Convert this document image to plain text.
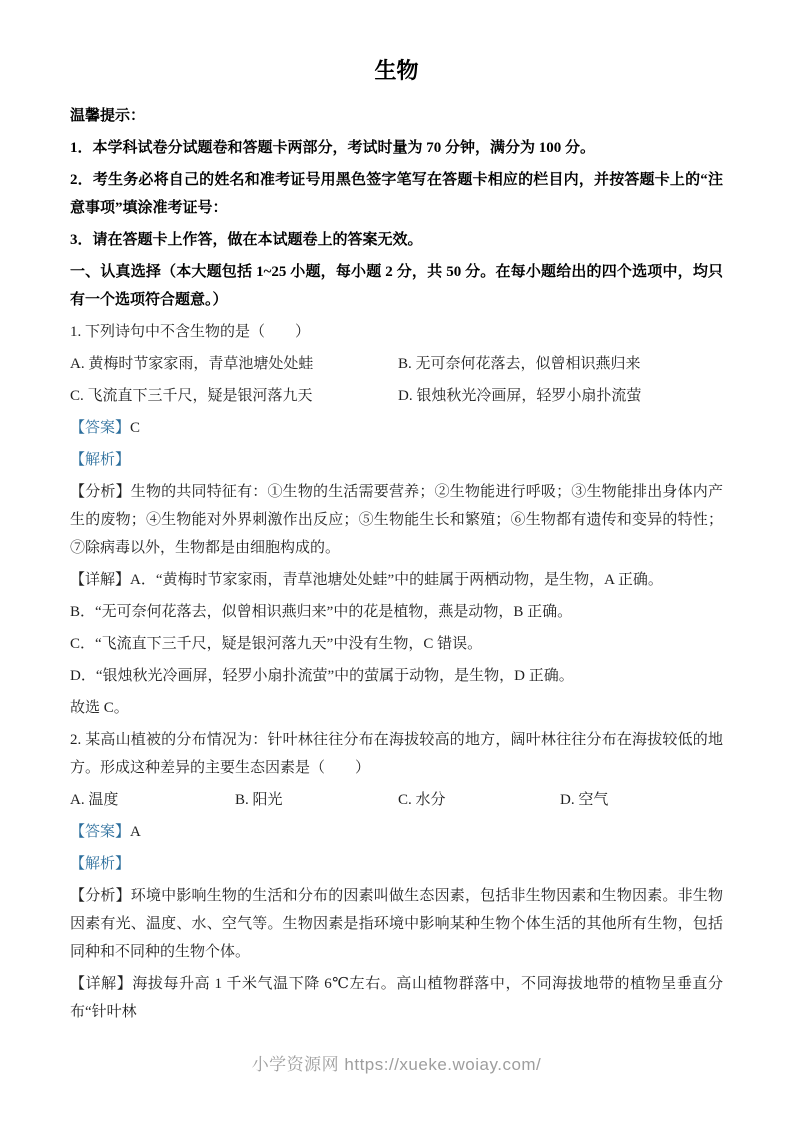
生物

温馨提示：

1．本学科试卷分试题卷和答题卡两部分，考试时量为 70 分钟，满分为 100 分。

2．考生务必将自己的姓名和准考证号用黑色签字笔写在答题卡相应的栏目内，并按答题卡上的“注意事项”填涂准考证号：

3．请在答题卡上作答，做在本试题卷上的答案无效。

一、认真选择（本大题包括 1~25 小题，每小题 2 分，共 50 分。在每小题给出的四个选项中，均只有一个选项符合题意。）

1. 下列诗句中不含生物的是（　　）

A. 黄梅时节家家雨，青草池塘处处蛙	B. 无可奈何花落去，似曾相识燕归来
C. 飞流直下三千尺，疑是银河落九天	D. 银烛秋光冷画屏，轻罗小扇扑流萤

【答案】C

【解析】

【分析】生物的共同特征有：①生物的生活需要营养；②生物能进行呼吸；③生物能排出身体内产生的废物；④生物能对外界刺激作出反应；⑤生物能生长和繁殖；⑥生物都有遗传和变异的特性；⑦除病毒以外，生物都是由细胞构成的。

【详解】A．“黄梅时节家家雨，青草池塘处处蛙”中的蛙属于两栖动物，是生物，A 正确。

B．“无可奈何花落去，似曾相识燕归来”中的花是植物，燕是动物，B 正确。

C．“飞流直下三千尺，疑是银河落九天”中没有生物，C 错误。

D．“银烛秋光冷画屏，轻罗小扇扑流萤”中的萤属于动物，是生物，D 正确。

故选 C。

2. 某高山植被的分布情况为：针叶林往往分布在海拔较高的地方，阔叶林往往分布在海拔较低的地方。形成这种差异的主要生态因素是（　　）

A. 温度	B. 阳光	C. 水分	D. 空气

【答案】A

【解析】

【分析】环境中影响生物的生活和分布的因素叫做生态因素，包括非生物因素和生物因素。非生物因素有光、温度、水、空气等。生物因素是指环境中影响某种生物个体生活的其他所有生物，包括同种和不同种的生物个体。

【详解】海拔每升高 1 千米气温下降 6℃左右。高山植物群落中，不同海拔地带的植物呈垂直分布“针叶林

小学资源网 https://xueke.woiay.com/
